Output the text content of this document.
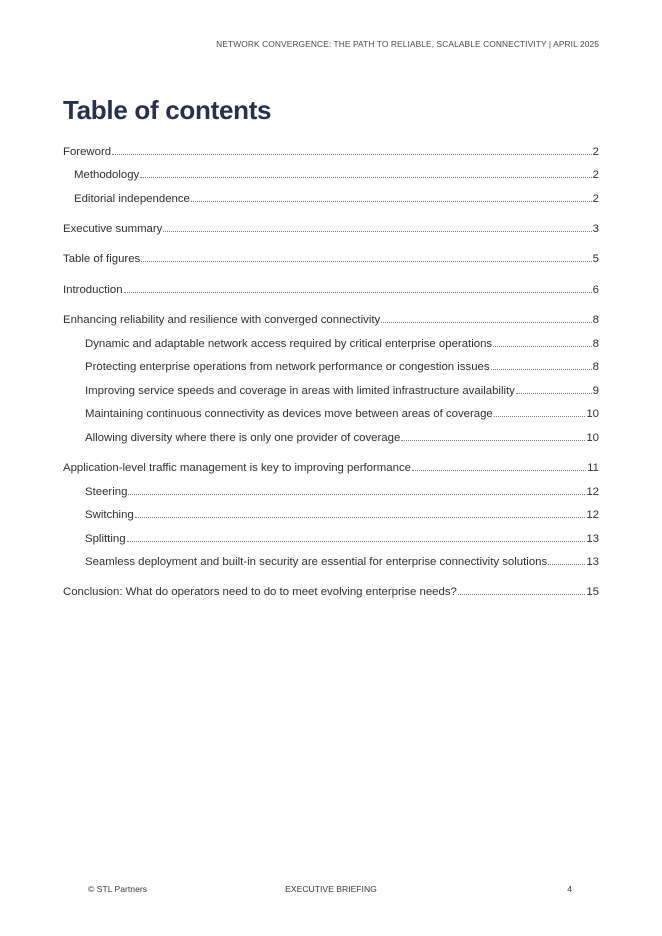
NETWORK CONVERGENCE: THE PATH TO RELIABLE, SCALABLE CONNECTIVITY | APRIL 2025
Table of contents
Foreword	2
Methodology	2
Editorial independence	2
Executive summary	3
Table of figures	5
Introduction	6
Enhancing reliability and resilience with converged connectivity	8
Dynamic and adaptable network access required by critical enterprise operations	8
Protecting enterprise operations from network performance or congestion issues	8
Improving service speeds and coverage in areas with limited infrastructure availability	9
Maintaining continuous connectivity as devices move between areas of coverage	10
Allowing diversity where there is only one provider of coverage	10
Application-level traffic management is key to improving performance	11
Steering	12
Switching	12
Splitting	13
Seamless deployment and built-in security are essential for enterprise connectivity solutions	13
Conclusion: What do operators need to do to meet evolving enterprise needs?	15
© STL Partners	EXECUTIVE BRIEFING	4
